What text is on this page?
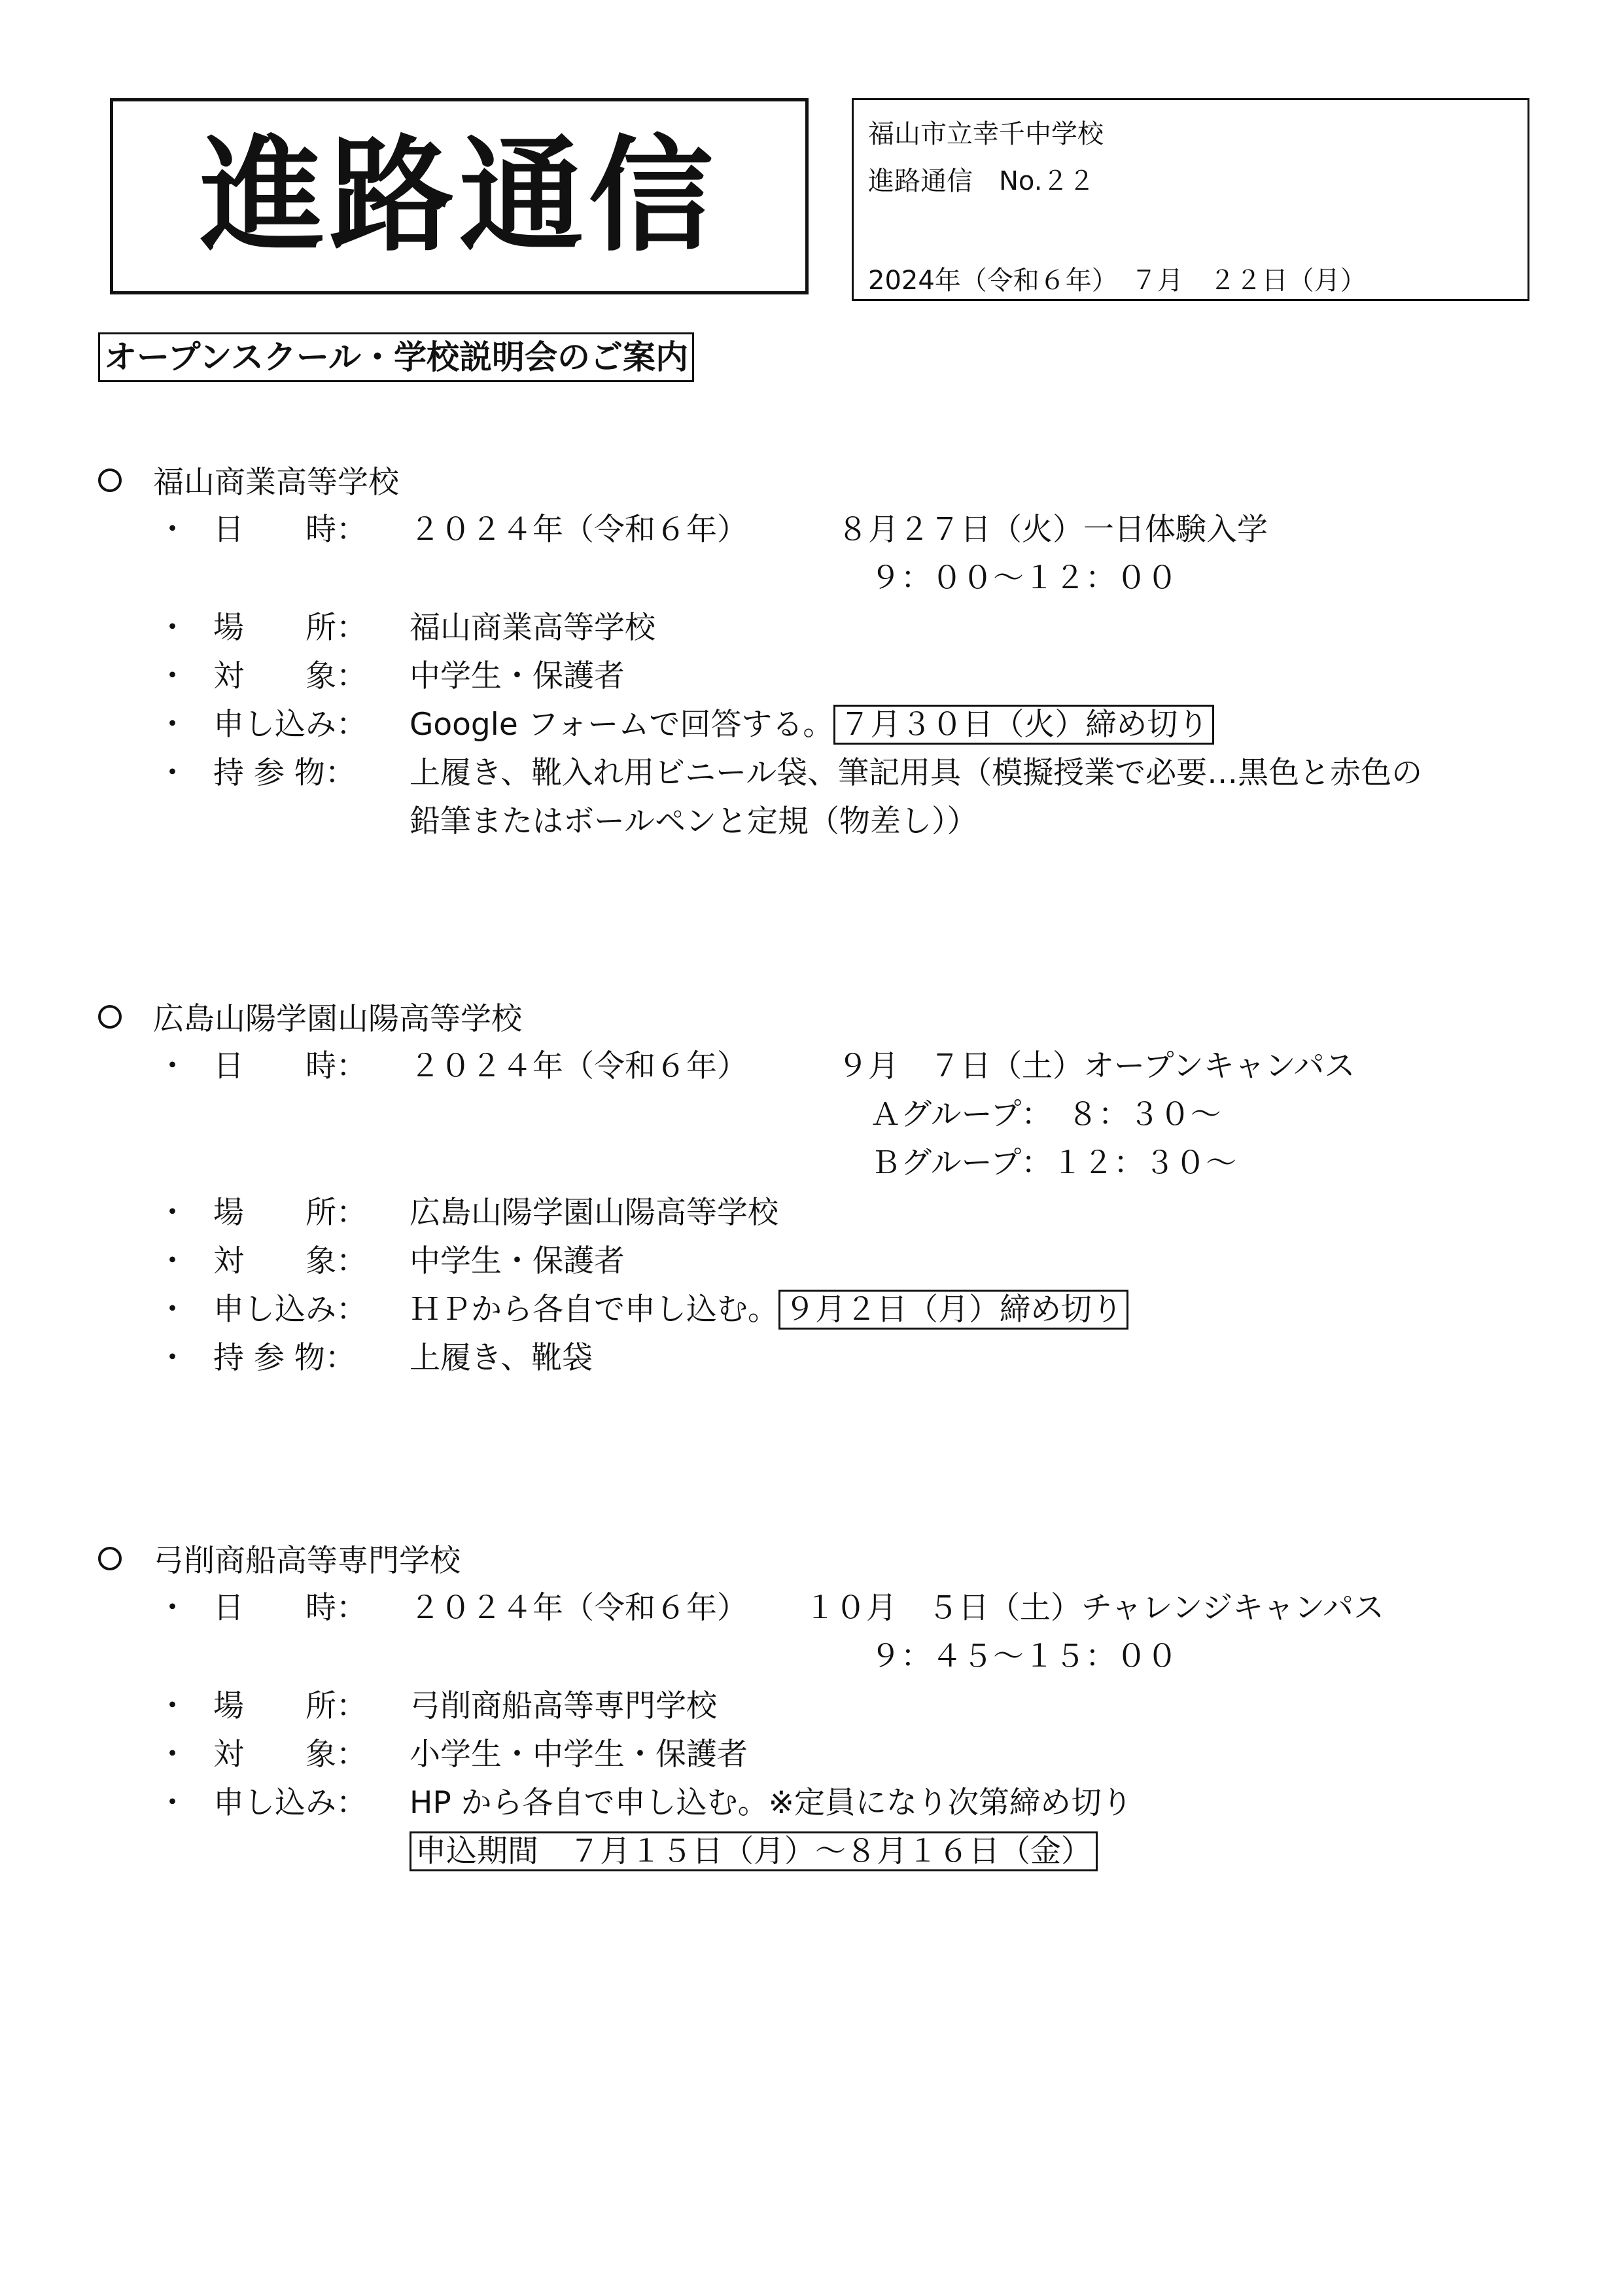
進路通信	福山市立幸千中学校
進路通信　No.２２
2024年（令和６年）　７月　２２日（月）
オープンスクール・学校説明会のご案内
福山商業高等学校
・ 日　　時： ２０２４年（令和６年）	８月２７日（火）一日体験入学
９：００～１２：００
・ 場　　所： 福山商業高等学校
・ 対　　象： 中学生・保護者
・ 申し込み： Google フォームで回答する。 ７月３０日（火）締め切り
・ 持 参 物： 上履き、靴入れ用ビニール袋、筆記用具（模擬授業で必要…黒色と赤色の
鉛筆またはボールペンと定規（物差し））
広島山陽学園山陽高等学校
・ 日　　時： ２０２４年（令和６年）	９月　７日（土）オープンキャンパス
Ａグループ：　８：３０～
Ｂグループ：１２：３０～
・ 場　　所： 広島山陽学園山陽高等学校
・ 対　　象： 中学生・保護者
・ 申し込み： ＨＰから各自で申し込む。 ９月２日（月）締め切り
・ 持 参 物： 上履き、靴袋
弓削商船高等専門学校
・ 日　　時： ２０２４年（令和６年） １０月　５日（土）チャレンジキャンパス
９：４５～１５：００
・ 場　　所： 弓削商船高等専門学校
・ 対　　象： 小学生・中学生・保護者
・ 申し込み： HP から各自で申し込む。※定員になり次第締め切り
申込期間　７月１５日（月）～８月１６日（金）
